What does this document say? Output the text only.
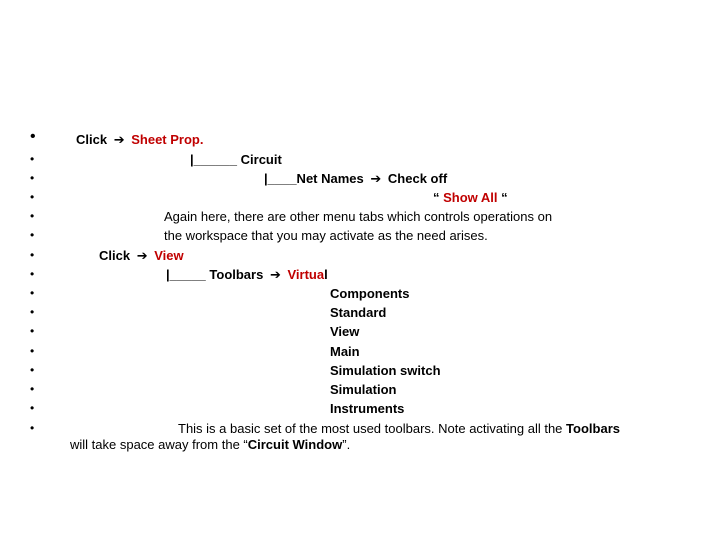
•
•
•
•
•
•
•
•
•
•
•
•
•
•
•
•
Click ➔ Sheet Prop.
|______ Circuit
|____Net Names ➔ Check off
“ Show All “
Again here, there are other menu tabs which controls operations on
the workspace that you may activate as the need arises.
Click ➔ View
|_____ Toolbars ➔ Virtual
Components
Standard
View
Main
Simulation switch
Simulation
Instruments
This is a basic set of the most used toolbars. Note activating all the Toolbars
will take space away from the “Circuit Window”.
